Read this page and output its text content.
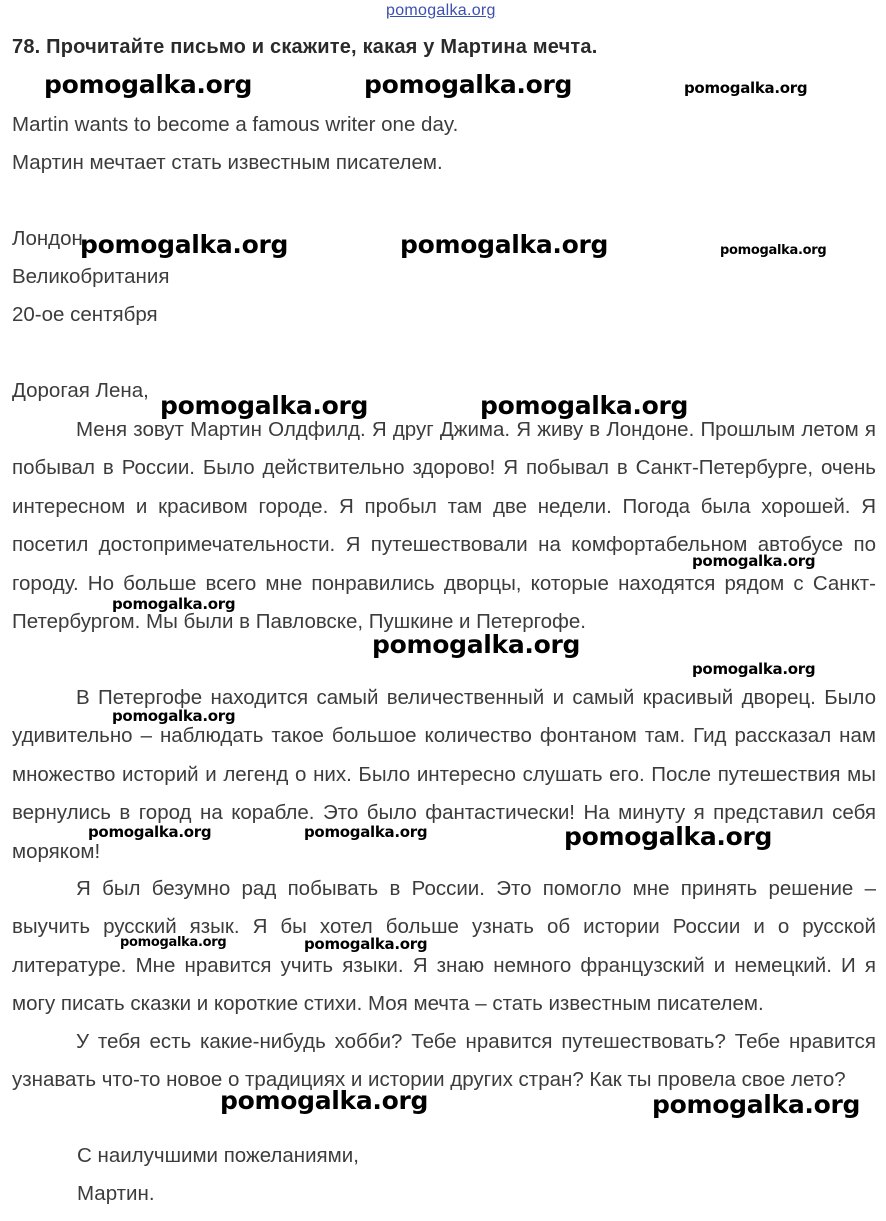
pomogalka.org
78. Прочитайте письмо и скажите, какая у Мартина мечта.
Martin wants to become a famous writer one day.
Мартин мечтает стать известным писателем.
Лондон
Великобритания
20-ое сентября
Дорогая Лена,

Меня зовут Мартин Олдфилд. Я друг Джима. Я живу в Лондоне. Прошлым летом я побывал в России. Было действительно здорово! Я побывал в Санкт-Петербурге, очень интересном и красивом городе. Я пробыл там две недели. Погода была хорошей. Я посетил достопримечательности. Я путешествовали на комфортабельном автобусе по городу. Но больше всего мне понравились дворцы, которые находятся рядом с Санкт-Петербургом. Мы были в Павловске, Пушкине и Петергофе.

В Петергофе находится самый величественный и самый красивый дворец. Было удивительно – наблюдать такое большое количество фонтаном там. Гид рассказал нам множество историй и легенд о них. Было интересно слушать его. После путешествия мы вернулись в город на корабле. Это было фантастически! На минуту я представил себя моряком!

Я был безумно рад побывать в России. Это помогло мне принять решение – выучить русский язык. Я бы хотел больше узнать об истории России и о русской литературе. Мне нравится учить языки. Я знаю немного французский и немецкий. И я могу писать сказки и короткие стихи. Моя мечта – стать известным писателем.

У тебя есть какие-нибудь хобби? Тебе нравится путешествовать? Тебе нравится узнавать что-то новое о традициях и истории других стран? Как ты провела свое лето?

С наилучшими пожеланиями,
Мартин.
pomogalka.org	pomogalka.org	pomogalka.org
pomogalka.org	pomogalka.org	pomogalka.org
pomogalka.org	pomogalka.org
pomogalka.org
pomogalka.org
pomogalka.org
pomogalka.org
pomogalka.org
pomogalka.org	pomogalka.org	pomogalka.org
pomogalka.org	pomogalka.org
pomogalka.org	pomogalka.org
